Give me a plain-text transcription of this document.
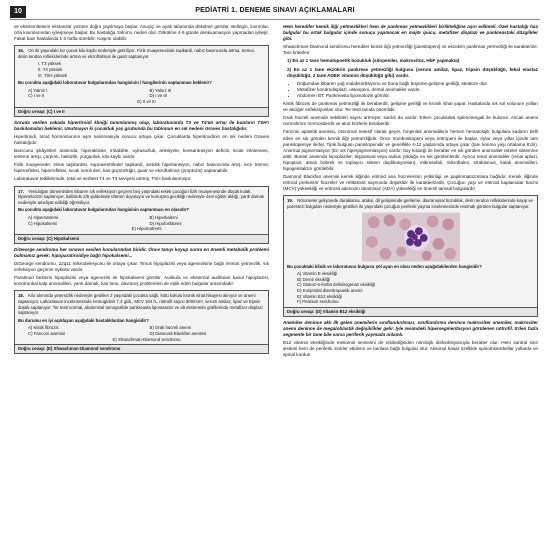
10	PEDİATRİ 1. DENEME SINAVI AÇIKLAMALARI

ve ekstremitelerin ekstansör yüzüne doğru yayılmaya başlar. Avuçiçi ve ayak tabanında dökülme görülür. Bellegin, kıvrımlar, orta kısımlarından iyileşmeye başlar. Bu hastalığa Yafnir'a, neden olur. Dökülme 4-5 günde denkuamasyon yapmadan iyileşir. Fakat bazı hastalarda 1-3 hafta sürebilir. Kaşıntı olabilir.

16. On iki yaşındaki kız çocuk kilo kaybı nedeniyle getiriliyor. Fizik muayenesinde taşikardi, nabız basıncında artma, tremor, derin tendon reflekslerinde artma ve ekzoftalmus ile guatr saptanıyor.
I. T3 yüksek
II. T4 yüksek
III. TSH yüksek
Bu çocukta aşağıdaki laboratuvar bulgularından hangisinin / hangilerinin saptanması beklenir?
A) Yalnız I	B) Yalnız III
C) I ve II	D) I ve III
E) II ve III
Doğru cevap: (C) I ve II

Soruda verilen vakada hipertiroidi kliniği tanımlanmış olup, laboratuvarda T3 ve T4'ün artışı ile bunların TSH'ı baskılamaları beklenir. Unutmayın ki çocukluk yaş grubunda bu tablonun en sık nedeni Graves hastalığıdır.

Hipertiroidi, tiroid hormonlarının aşırı salınmasıyla sonucu ortaya çıkar. Çocuklarda hipertiroidinin en sık nedeni Graves hastalığıdır.

Bazıcunu şikâyetleri arasında; hiperaktivite, irritabilite, uykusuzluk, anksiyete, konsantrasyon deficiti, sıcak intoleransı, terleme artışı, çarpıntı, halsizlik, yorgunluk, kilo kaybı vardır.

Fizik muayenede; sinüs taşikardisi, supraventriküler taşikardi, sistolik hipertansiyon, nabız basıncında artış, ince tremor, hiperrefleksi, hiperrefleksi, sıcak nemli deri, kas güçsüzlüğü, guatr ve ekzoftalmus (proptozis) saptanabilir.

Laboratuvar tetkiklerinde, total ve serbest T4 ve T3 seviyesi artmış, TSH baskılanmıştır.

17. Yenidoğan döneminden itibaren sık enfeksiyon geçiren beş yaşındaki erkek çocuğun fizik muayenesinde düşük kulak, hipertelorizm saptanıyor, kalbinde 2/6 şiddetinde üfürüm duyuluyor ve konuşma gecikliği nedeniyle özel eğitim aldığı, yarık damak nedeniyle ameliyat edildiği öğreniliyor.
Bu çocukta aşağıdaki laboratuvar bulgularından hangisinin saptanması en olasıdır?
A) Hipernatremi	B) Hiperkalemi
C) Hipokalsemi	D) Hipofosfatemi
E) Hipomatremi
Doğru cevap: (C) Hipokalsemi

DiGeorge sendromu her sınavın sevilen konularından biridir. Önce tanıyı koyup sonra en önemli metabolik problemi bulmamız gerek; hipoparatiroidiye bağlı hipokalsemi...

DiGeorge sendromu, 22q11 mikrodelesyonu ile ortaya çıkar. Timus hipoplazisi veya agenezisine bağlı immün yetmezlik, sık enfeksiyon geçirme öyküsü vardır.

Paratiroid bezlerin hipoplazisi veya agenezisi ile hipokalsemi görülür. Aurikula ve eksternal auditüvar kanal hipoplazisi, konotrunkal kalp anomalileri, yarık damak, kas tonu, davranış problemleri de eşlik eden bulgular arasındadır.

18. Kilo alımında yetersizlik nedeniyle getirilen 2 yaşındaki çocukta sağlı, kötü kokulu kronik ishal hikayesi alınıyor ve anemi saptanıyor. Laboratuvar incelemesinde hemoglobin 7,3 g/dL, MCV 104 fL, nötrofil sayısı 800/mm³, serum amilaz, lipaz ve tripsin düşük saptanıyor. Ter testi normal, abdominal tomografide pankreasta lipomatozis ve alt ekstremite grafilerinde metafizer displazi saptanıyor.
Bu durumu en iyi açıklayan aşağıdaki hastalıklardan hangisidir?
A) Kistik fibrozis	B) Orak hücreli anemi
C) Fanconi anemisi	D) Diamond-Blackfan anemisi
E) Shwachman-Diamond sendromu
Doğru cevap: (E) Shwachman-Diamond sendromu

Hem heredifer kemik iliği yetmezlikleri hem de pankreas yetmezlikleri birlikteliğine aşırı edilmeli. Özel hastalığı has bulgular bu ortak bulgular içinde sonuçu yapmacak en majör ipucu, metafizer displazi ve pankreastaki düzglikler gibi.

Shwachman-Diamond sendromu herediter kemik iliği yetmezliği (pansitopeni) ve ekzokrin pankreas yetmezliği ile karakterize. Tanı kriterleri:

1) En az 1 tane hematopoetik bozukluk (sitopeniler, makrositoz, HbF yapmakta)

2) En az 1 tane ekzokrin pankreas yetmezliği bulgusu (serum amilaz, lipaz, tripsin düşüklüğü, fekal elastaz düşüklüğü, 2 tane ADEK vitamini düşüklüğü gibi) vardır.

• Doğumdan itibaren yağ malabsorbsiyonu ve buna bağlı büyüme-gelişme geriliği, steatore olur.
• Metafizer kondrodisplazi, osteopeni, dental anomaliler vardır.
• Abdomen BT: Pankreasta lipomatozis görülür.

Kistik fibrozis de pankreas yetmezliği ile beraberdir, gelişme geriliği ve kronik ishal yapar. Hastalarda sık sol solunum yolları ve akciğer enfeksiyonları olur. Ter testi tanıda önemlidir.

Orak hücreli anemide sebilitleri sayısı artmıştır, sarılık da vardır. Erken çocuklukta splenomegali ile bulunur. Ancak anemi normokrom normositerdir ve akut krizlerle beraberdir.

Fanconi aplastik anemisi, otozomal resesif olarak geçer, fonjenital anomalilerin hemen hematolojik bulgulara kadarın belli eden en sık görülen kemik iliği yetmezliğidir. Önce trombositopeni veya nötropeni ile başlar. Aylar veya yıllar içinde tam pansitopeniye ilerler. Tipik bulgusu pansitopenidir ve genellikle 4-12 yaşlarında ortaya çıkar (tanı konma yaşı ortalama 8'dir). Anormal pigmentasyon (En sık hiperpigmentasyon) vardır; boy kısalığı ile beraber en sık görülen anomaliler iskelet sistemine aittir. Bunlar arasında hipoplaziler, bi̇şpampal veya radius yokluğu en sık görülenlerdir. Ayrıca renal anomaliler (renal aplazi, hipoplazi, atnalı böbrek ve toplayıcı sistem duplikasyonları), mikrosefali, mikroftalmi, strabismus, kulak anomalileri, hipogenitalizm görülebilir.

Diamond Blackfan anemisi kemik iliğinde eritroid ana hücrelerinin yetkinligi ve papilomatozonlara bağlıdır. Kemik iliğinde eritroid prekürsör hücreler ve retikülosit sayısında düşüklük ile karakterizedir. Çocuğun yaşı ve eritroid kaplamalar hacmi (MCV) yüksekliği ve eritrosit adenozin deaminaz (ADA) yüksekliği en önemli tanısal bulgulardır.

19. Nörometer gelişmede duraklama, ataksi, dil gelişiminde gerileme, davranışsal bozukluk, derin tendon reflekslerinde kayıp ve parestezi bulguları nedeniyle getirilen iki yaşındaki çocuğun periferik yayma incelemesinde resimde görülen bulgular saptanıyor.
Bu çocuktaki klinik ve laboratuvar bulgusu şöl ayan en olası neden aşağıdakilerden hangisidir?
A) Vitamin E eksikliği
B) Demir eksikliği
C) Glukoz-6-fosfat dehidrogenaz eksikliği
D) Konjenital diseritropoetik anemi
E) Vitamin B12 eksikliği
F) Pearson sendromu
Doğru cevap: (D) Vitamin B12 eksikliği

Anemiler denince aklı ilk gelen anemilerin sınıflandırılması; sınıflandırma denince makrositer anemiler, makrositer anemi denince de megaloblastik değişiklikler gelir. İyle resimdeki hipersegmentasyon görülenen nötrofil. 5'den fazla segmente bir tane bile varsa periferik yaymada anlamlı.

B12 vitamin eksikliğinde metiomin sentezini de etkilediğinden nörolojik disfonksiyonuyla beraber olur. Hem santral sinir sistemi hem de periferik sinirler etkilenir ve bunlara bağlı bulgular olur. Aksonal hasar özellikle spinomserebellar yollarda ve spinal kordun
